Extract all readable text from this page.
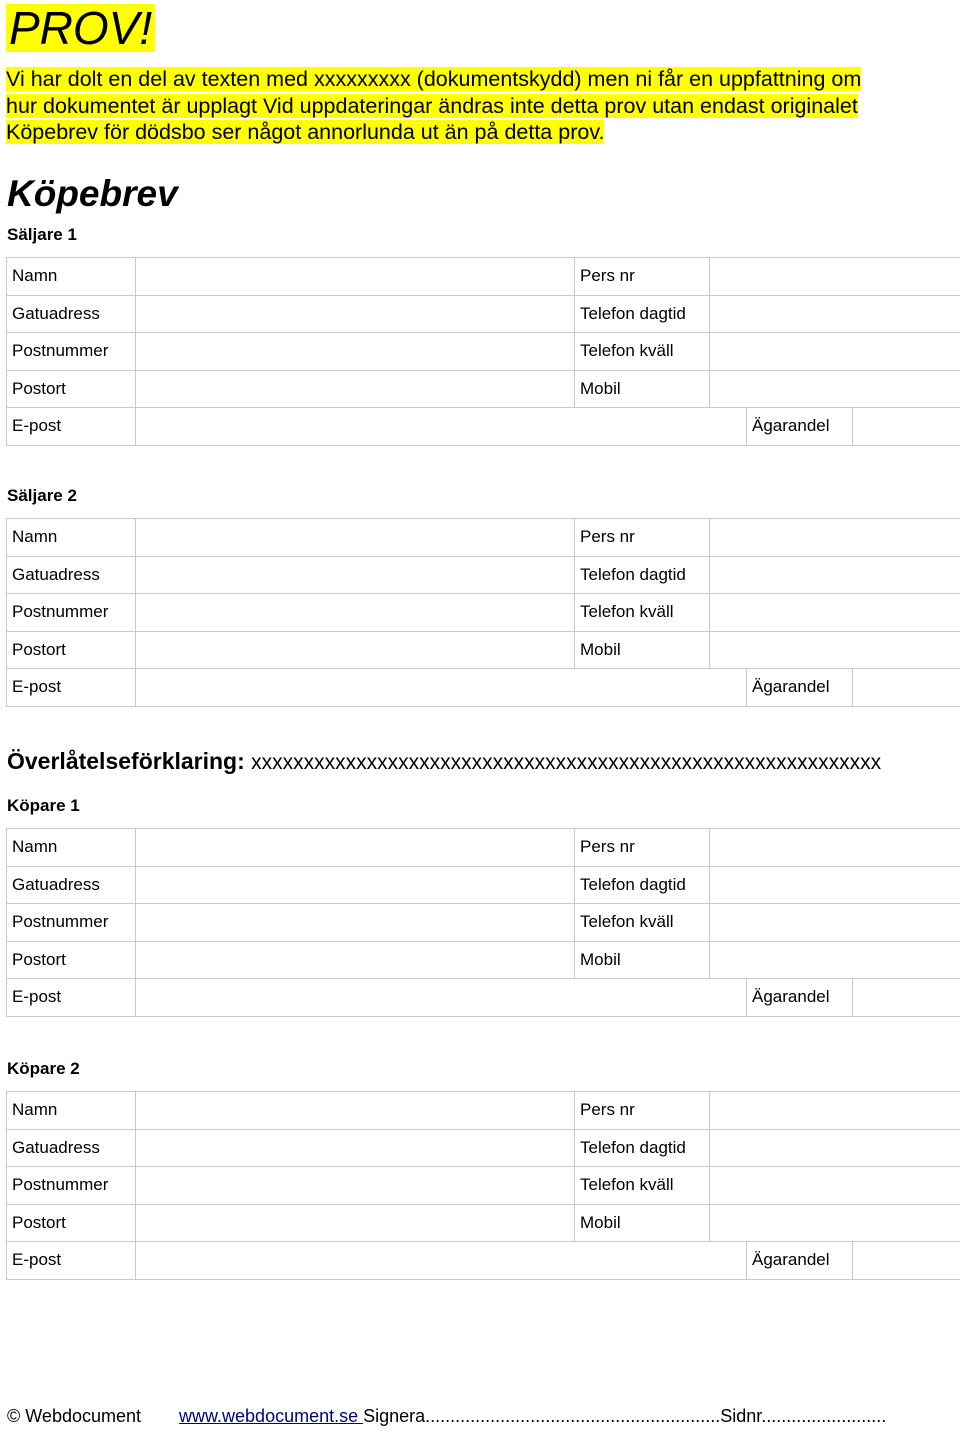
PROV!
Vi har dolt en del av texten med xxxxxxxxx (dokumentskydd) men ni får en uppfattning om
hur dokumentet är upplagt Vid uppdateringar ändras inte detta prov utan endast originalet
Köpebrev för dödsbo ser något annorlunda ut än på detta prov.
Köpebrev
Säljare 1
Namn		Pers nr			
Gatuadress		Telefon dagtid			
Postnummer		Telefon kväll			
Postort		Mobil			
E-post				Ägarandel	
Säljare 2
Namn		Pers nr			
Gatuadress		Telefon dagtid			
Postnummer		Telefon kväll			
Postort		Mobil			
E-post				Ägarandel	
Överlåtelseförklaring: xxxxxxxxxxxxxxxxxxxxxxxxxxxxxxxxxxxxxxxxxxxxxxxxxxxxxxxxxxxx
Köpare 1
Namn		Pers nr			
Gatuadress		Telefon dagtid			
Postnummer		Telefon kväll			
Postort		Mobil			
E-post				Ägarandel	
Köpare 2
Namn		Pers nr			
Gatuadress		Telefon dagtid			
Postnummer		Telefon kväll			
Postort		Mobil			
E-post				Ägarandel	
© Webdocument www.webdocument.se Signera...........................................................Sidnr.........................
